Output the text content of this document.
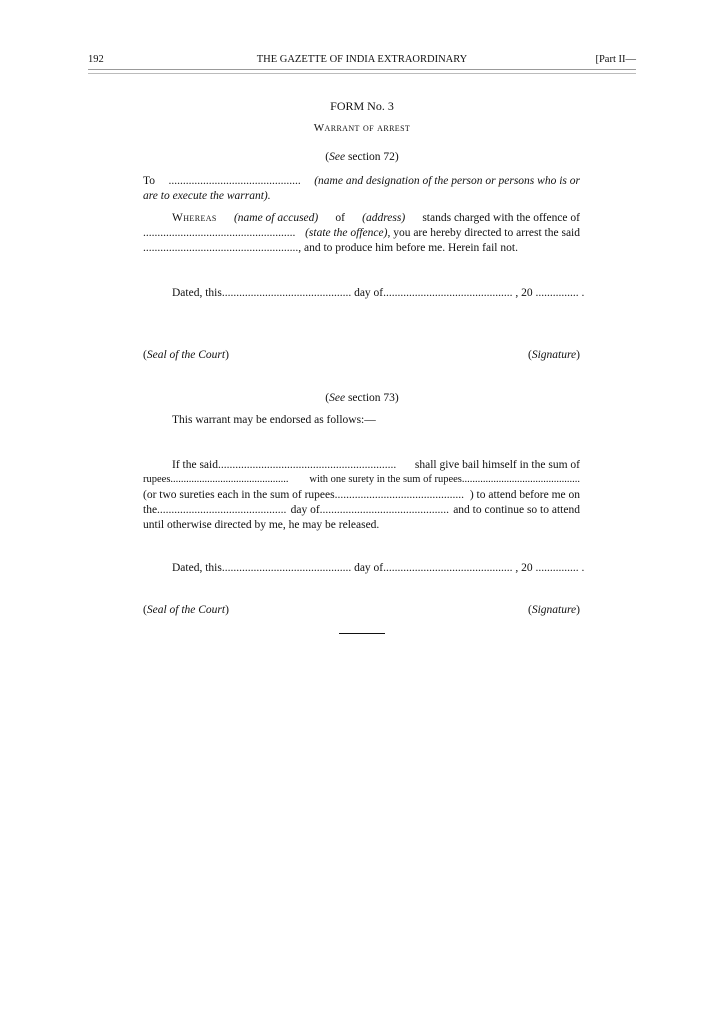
192	THE GAZETTE OF INDIA EXTRAORDINARY	[Part II—
FORM No. 3
Warrant of arrest
(See section 72)
To .............................................. (name and designation of the person or persons who is or
are to execute the warrant).
Whereas (name of accused) of (address) stands charged with the offence of
..................................................... (state the offence), you are hereby directed to arrest the said
......................................................, and to produce him before me. Herein fail not.
Dated, this............................................. day of............................................. , 20 ............... .
(Seal of the Court)	(Signature)
(See section 73)
This warrant may be endorsed as follows:—
If the said.............................................................. shall give bail himself in the sum of
rupees............................................. with one surety in the sum of rupees.............................................
(or two sureties each in the sum of rupees............................................. ) to attend before me on
the............................................. day of............................................. and to continue so to attend
until otherwise directed by me, he may be released.
Dated, this............................................. day of............................................. , 20 ............... .
(Seal of the Court)	(Signature)
